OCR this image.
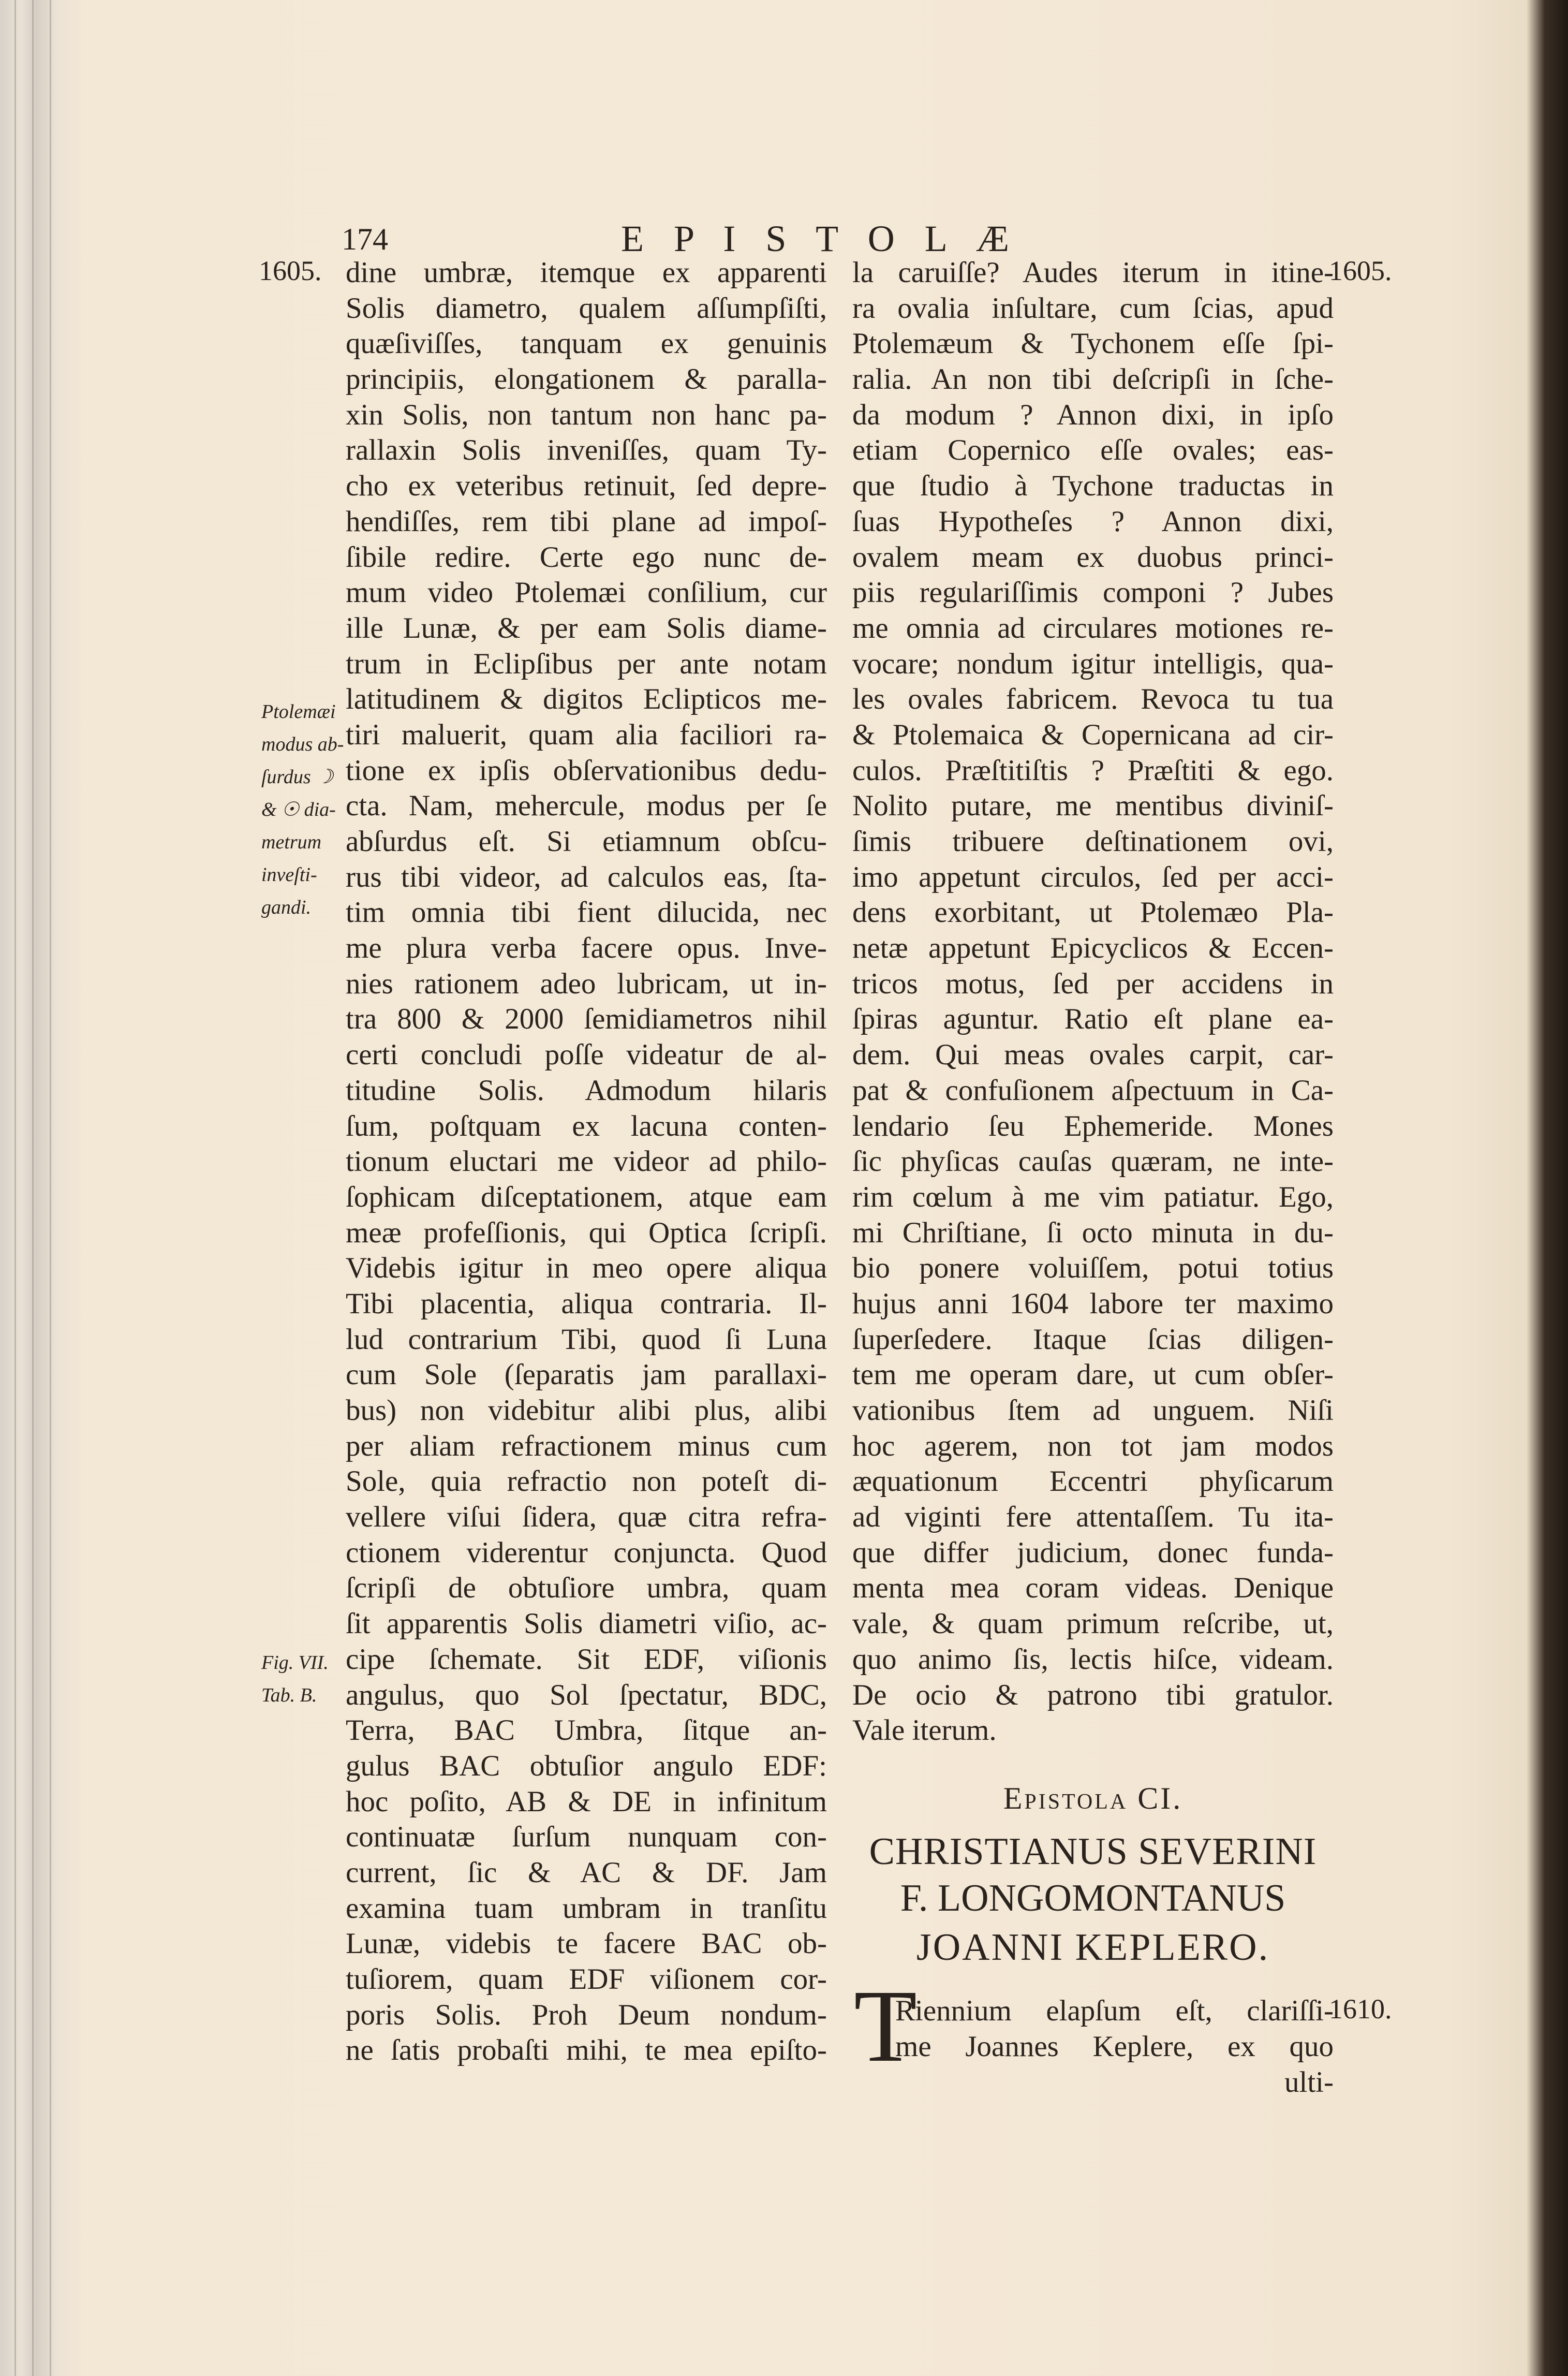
174	E P I S T O L Æ
1605.	1605.
1610.
Ptolemæi
modus ab-
ſurdus ☽
& ☉ dia-
metrum
inveſti-
gandi.
Fig. VII.
Tab. B.
dine umbræ, itemque ex apparenti
Solis diametro, qualem aſſumpſiſti,
quæſiviſſes, tanquam ex genuinis
principiis, elongationem & paralla-
xin Solis, non tantum non hanc pa-
rallaxin Solis inveniſſes, quam Ty-
cho ex veteribus retinuit, ſed depre-
hendiſſes, rem tibi plane ad impoſ-
ſibile redire. Certe ego nunc de-
mum video Ptolemæi conſilium, cur
ille Lunæ, & per eam Solis diame-
trum in Eclipſibus per ante notam
latitudinem & digitos Eclipticos me-
tiri maluerit, quam alia faciliori ra-
tione ex ipſis obſervationibus dedu-
cta. Nam, mehercule, modus per ſe
abſurdus eſt. Si etiamnum obſcu-
rus tibi videor, ad calculos eas, ſta-
tim omnia tibi fient dilucida, nec
me plura verba facere opus. Inve-
nies rationem adeo lubricam, ut in-
tra 800 & 2000 ſemidiametros nihil
certi concludi poſſe videatur de al-
titudine Solis. Admodum hilaris
ſum, poſtquam ex lacuna conten-
tionum eluctari me videor ad philo-
ſophicam diſceptationem, atque eam
meæ profeſſionis, qui Optica ſcripſi.
Videbis igitur in meo opere aliqua
Tibi placentia, aliqua contraria. Il-
lud contrarium Tibi, quod ſi Luna
cum Sole (ſeparatis jam parallaxi-
bus) non videbitur alibi plus, alibi
per aliam refractionem minus cum
Sole, quia refractio non poteſt di-
vellere viſui ſidera, quæ citra refra-
ctionem viderentur conjuncta. Quod
ſcripſi de obtuſiore umbra, quam
ſit apparentis Solis diametri viſio, ac-
cipe ſchemate. Sit EDF, viſionis
angulus, quo Sol ſpectatur, BDC,
Terra, BAC Umbra, ſitque an-
gulus BAC obtuſior angulo EDF:
hoc poſito, AB & DE in infinitum
continuatæ ſurſum nunquam con-
current, ſic & AC & DF. Jam
examina tuam umbram in tranſitu
Lunæ, videbis te facere BAC ob-
tuſiorem, quam EDF viſionem cor-
poris Solis. Proh Deum nondum-
ne ſatis probaſti mihi, te mea epiſto-
la caruiſſe? Audes iterum in itine-
ra ovalia inſultare, cum ſcias, apud
Ptolemæum & Tychonem eſſe ſpi-
ralia. An non tibi deſcripſi in ſche-
da modum ? Annon dixi, in ipſo
etiam Copernico eſſe ovales; eas-
que ſtudio à Tychone traductas in
ſuas Hypotheſes ? Annon dixi,
ovalem meam ex duobus princi-
piis regulariſſimis componi ? Jubes
me omnia ad circulares motiones re-
vocare; nondum igitur intelligis, qua-
les ovales fabricem. Revoca tu tua
& Ptolemaica & Copernicana ad cir-
culos. Præſtitiſtis ? Præſtiti & ego.
Nolito putare, me mentibus diviniſ-
ſimis tribuere deſtinationem ovi,
imo appetunt circulos, ſed per acci-
dens exorbitant, ut Ptolemæo Pla-
netæ appetunt Epicyclicos & Eccen-
tricos motus, ſed per accidens in
ſpiras aguntur. Ratio eſt plane ea-
dem. Qui meas ovales carpit, car-
pat & confuſionem aſpectuum in Ca-
lendario ſeu Ephemeride. Mones
ſic phyſicas cauſas quæram, ne inte-
rim cœlum à me vim patiatur. Ego,
mi Chriſtiane, ſi octo minuta in du-
bio ponere voluiſſem, potui totius
hujus anni 1604 labore ter maximo
ſuperſedere. Itaque ſcias diligen-
tem me operam dare, ut cum obſer-
vationibus ſtem ad unguem. Niſi
hoc agerem, non tot jam modos
æquationum Eccentri phyſicarum
ad viginti fere attentaſſem. Tu ita-
que differ judicium, donec funda-
menta mea coram videas. Denique
vale, & quam primum reſcribe, ut,
quo animo ſis, lectis hiſce, videam.
De ocio & patrono tibi gratulor.
Vale iterum.
Epistola CI.
CHRISTIANUS SEVERINI
F. LONGOMONTANUS
JOANNI KEPLERO.
T
Riennium elapſum eſt, clariſſi-
me Joannes Keplere, ex quo
ulti-
